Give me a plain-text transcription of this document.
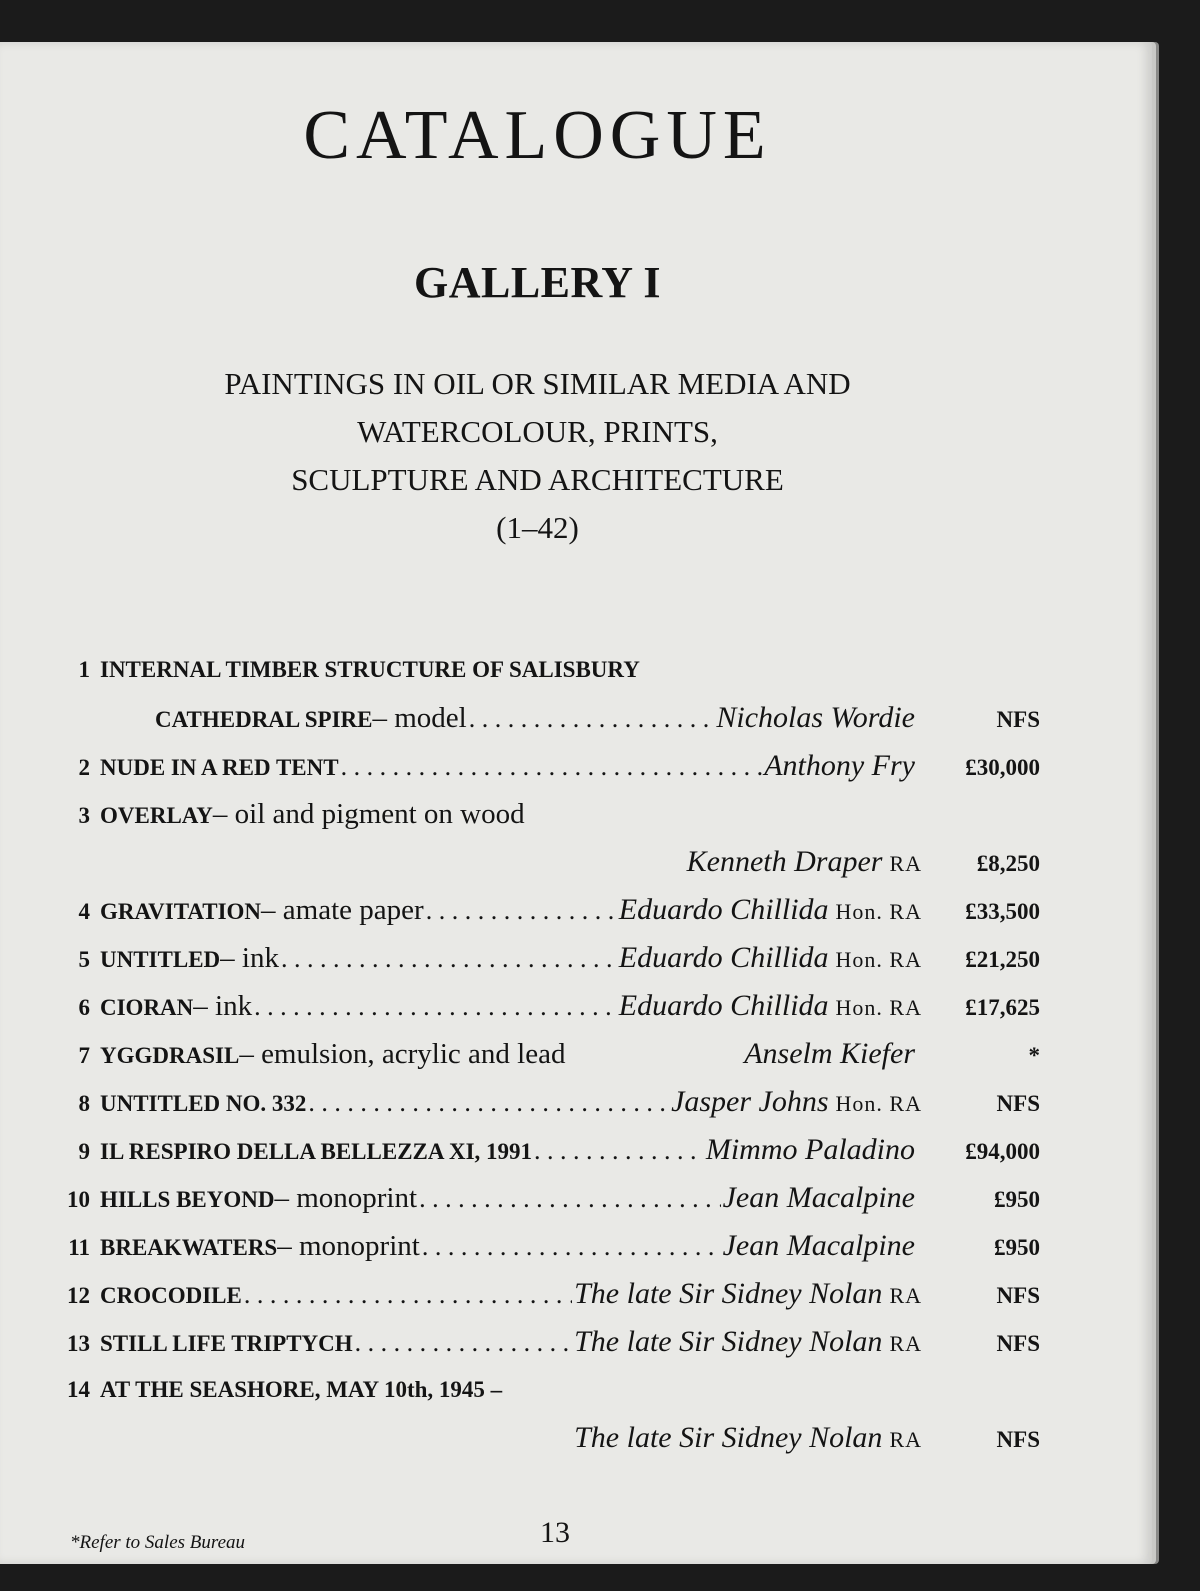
CATALOGUE
GALLERY I
PAINTINGS IN OIL OR SIMILAR MEDIA AND
WATERCOLOUR, PRINTS,
SCULPTURE AND ARCHITECTURE
(1–42)
1 INTERNAL TIMBER STRUCTURE OF SALISBURY
CATHEDRAL SPIRE – model . . .	Nicholas Wordie	NFS
2 NUDE IN A RED TENT . . .	Anthony Fry	£30,000
3 OVERLAY – oil and pigment on wood
Kenneth Draper RA	£8,250
4 GRAVITATION – amate paper . . .	Eduardo Chillida Hon. RA	£33,500
5 UNTITLED – ink . . .	Eduardo Chillida Hon. RA	£21,250
6 CIORAN – ink . . .	Eduardo Chillida Hon. RA	£17,625
7 YGGDRASIL – emulsion, acrylic and lead	Anselm Kiefer	*
8 UNTITLED NO. 332 . . .	Jasper Johns Hon. RA	NFS
9 IL RESPIRO DELLA BELLEZZA XI, 1991 . . .	Mimmo Paladino	£94,000
10 HILLS BEYOND – monoprint . . .	Jean Macalpine	£950
11 BREAKWATERS – monoprint . . .	Jean Macalpine	£950
12 CROCODILE . . .	The late Sir Sidney Nolan RA	NFS
13 STILL LIFE TRIPTYCH . . .	The late Sir Sidney Nolan RA	NFS
14 AT THE SEASHORE, MAY 10th, 1945 –
The late Sir Sidney Nolan RA	NFS
*Refer to Sales Bureau	13
